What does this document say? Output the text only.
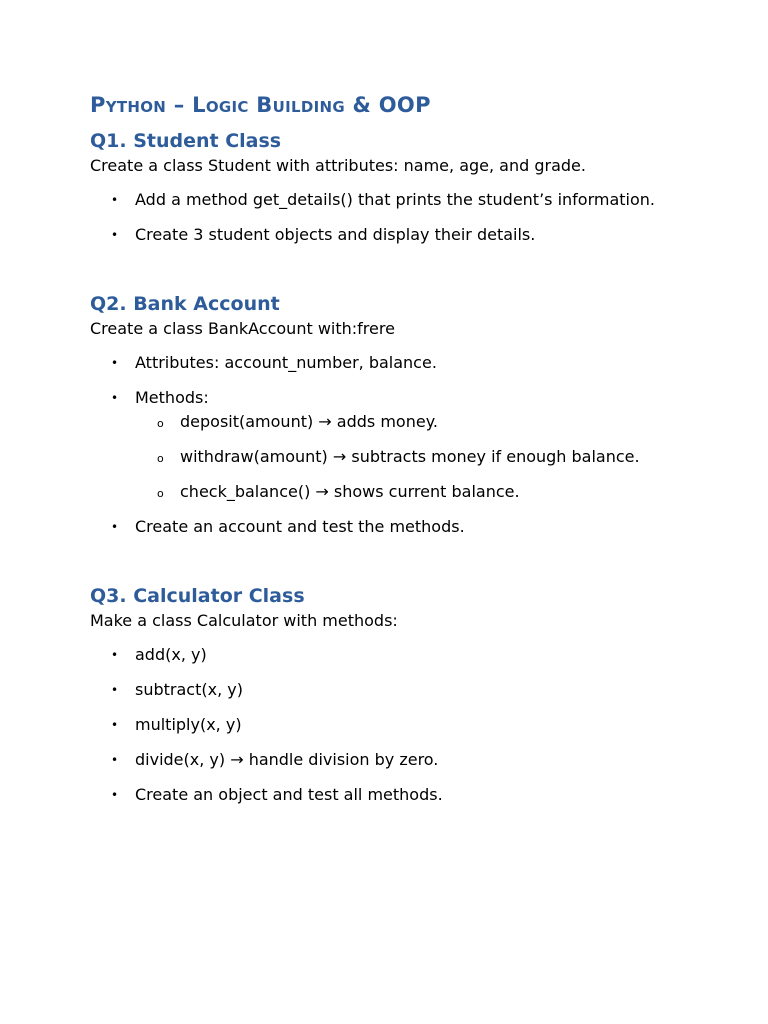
Python – Logic Building & OOP
Q1. Student Class

Create a class Student with attributes: name, age, and grade.

• Add a method get_details() that prints the student’s information.
• Create 3 student objects and display their details.
Q2. Bank Account

Create a class BankAccount with:frere

• Attributes: account_number, balance.
• Methods:
o deposit(amount) → adds money.
o withdraw(amount) → subtracts money if enough balance.
o check_balance() → shows current balance.
• Create an account and test the methods.
Q3. Calculator Class

Make a class Calculator with methods:

• add(x, y)
• subtract(x, y)
• multiply(x, y)
• divide(x, y) → handle division by zero.
• Create an object and test all methods.
